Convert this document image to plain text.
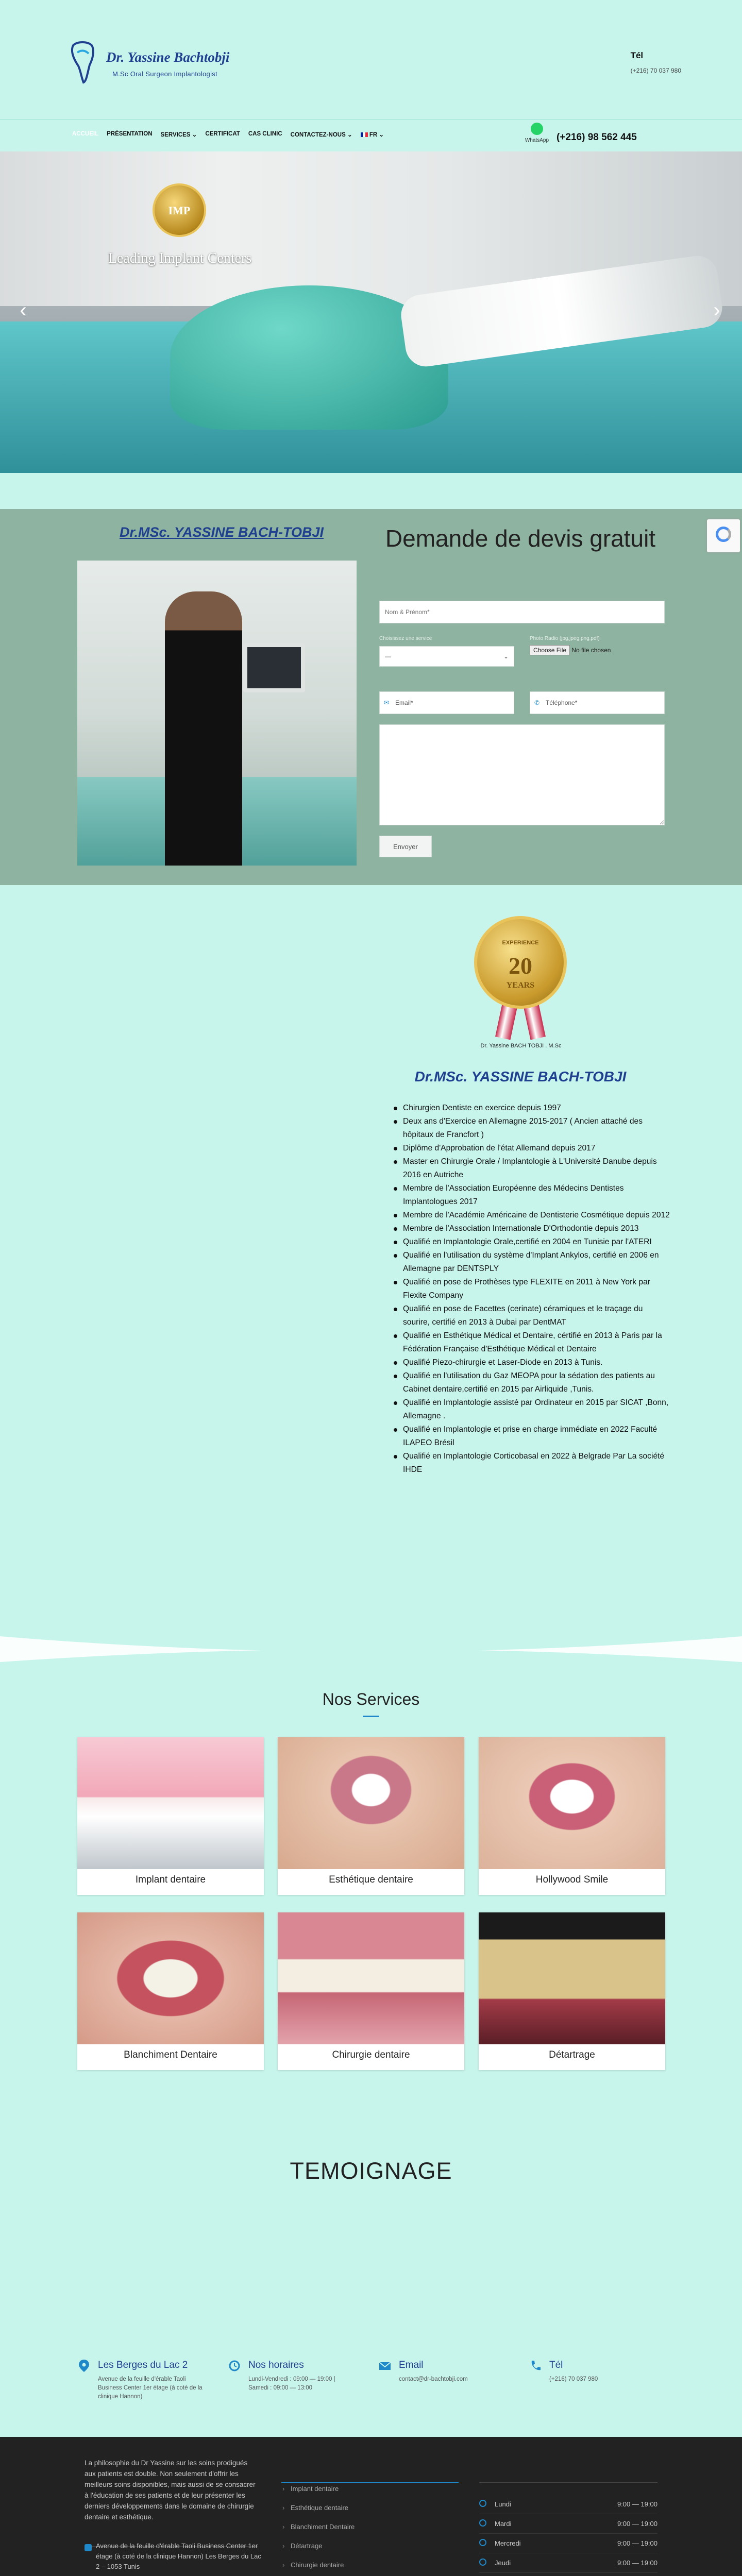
Dr. Yassine Bachtobji
M.Sc Oral Surgeon Implantologist
Tél
(+216) 70 037 980
ACCUEIL PRÉSENTATION SERVICES ⌄ CERTIFICAT CAS CLINIC CONTACTEZ-NOUS ⌄	FR ⌄
WhatsApp (+216) 98 562 445
IMP
Leading Implant Centers
‹	›
Dr.MSc. YASSINE BACH-TOBJI	Demande de devis gratuit
Nom & Prénom*
Choisissez une service
—	⌄
Photo Radio (jpg,jpeg,png,pdf)
Choose File No file chosen
✉ Email*	✆ Téléphone*
Envoyer
EXPERIENCE
20
YEARS
Dr. Yassine BACH TOBJI . M.Sc
Dr.MSc. YASSINE BACH-TOBJI
Chirurgien Dentiste en exercice depuis 1997
Deux ans d'Exercice en Allemagne 2015-2017 ( Ancien attaché des hôpitaux de Francfort )
Diplôme d'Approbation de l'état Allemand depuis 2017
Master en Chirurgie Orale / Implantologie à L'Université Danube depuis 2016 en Autriche
Membre de l'Association Européenne des Médecins Dentistes Implantologues 2017
Membre de l'Académie Américaine de Dentisterie Cosmétique depuis 2012
Membre de l'Association Internationale D'Orthodontie depuis 2013
Qualifié en Implantologie Orale,certifié en 2004 en Tunisie par l'ATERI
Qualifié en l'utilisation du système d'Implant Ankylos, certifié en 2006 en Allemagne par DENTSPLY
Qualifié en pose de Prothèses type FLEXITE en 2011 à New York par Flexite Company
Qualifié en pose de Facettes (cerinate) céramiques et le traçage du sourire, certifié en 2013 à Dubai par DentMAT
Qualifié en Esthétique Médical et Dentaire, cértifié en 2013 à Paris par la Fédération Française d'Esthétique Médical et Dentaire
Qualifié Piezo-chirurgie et Laser-Diode en 2013 à Tunis.
Qualifié en l'utilisation du Gaz MEOPA pour la sédation des patients au Cabinet dentaire,certifié en 2015 par Airliquide ,Tunis.
Qualifié en Implantologie assisté par Ordinateur en 2015 par SICAT ,Bonn, Allemagne .
Qualifié en Implantologie et prise en charge immédiate en 2022 Faculté ILAPEO Brésil
Qualifié en Implantologie Corticobasal en 2022 à Belgrade Par La société IHDE
Nos Services
Implant dentaire	Esthétique dentaire	Hollywood Smile
Blanchiment Dentaire	Chirurgie dentaire	Détartrage
TEMOIGNAGE
Les Berges du Lac 2
Avenue de la feuille d'érable Taoli Business Center 1er étage (à coté de la clinique Hannon)
Nos horaires
Lundi-Vendredi : 09:00 — 19:00 | Samedi : 09:00 — 13:00
Email
contact@dr-bachtobji.com
Tél
(+216) 70 037 980
La philosophie du Dr Yassine sur les soins prodigués aux patients est double. Non seulement d'offrir les meilleurs soins disponibles, mais aussi de se consacrer à l'éducation de ses patients et de leur présenter les derniers développements dans le domaine de chirurgie dentaire et esthétique.
Avenue de la feuille d'érable Taoli Business Center 1er étage (à coté de la clinique Hannon) Les Berges du Lac 2 – 1053 Tunis
› Implant dentaire
› Esthétique dentaire
› Blanchiment Dentaire
› Détartrage
› Chirurgie dentaire
›
Lundi	9:00 — 19:00
Mardi	9:00 — 19:00
Mercredi	9:00 — 19:00
Jeudi	9:00 — 19:00
